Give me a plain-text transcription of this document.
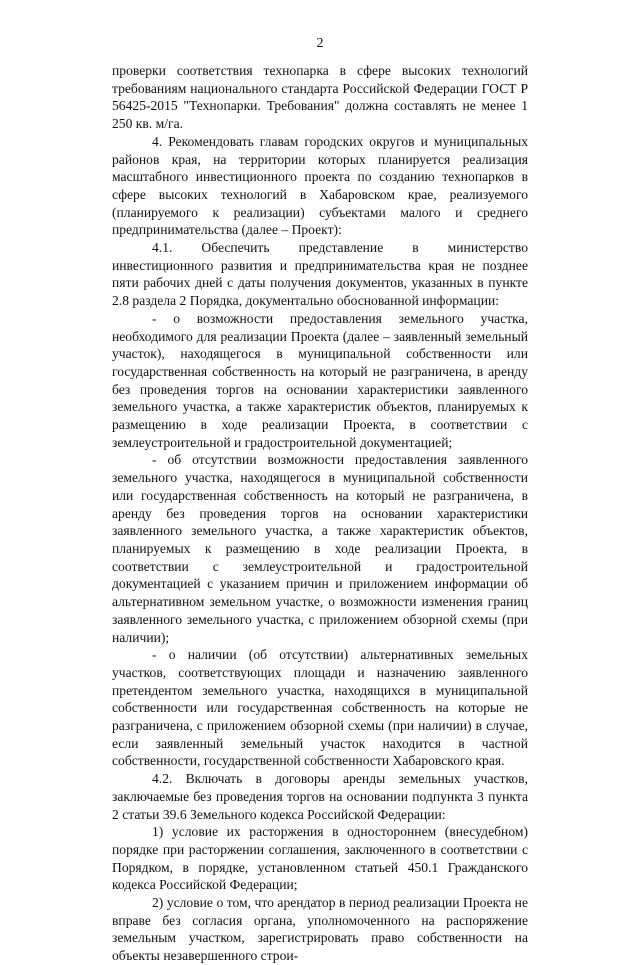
2

проверки соответствия технопарка в сфере высоких технологий требованиям национального стандарта Российской Федерации ГОСТ Р 56425-2015 "Технопарки. Требования" должна составлять не менее 1 250 кв. м/га.

4. Рекомендовать главам городских округов и муниципальных районов края, на территории которых планируется реализация масштабного инвестиционного проекта по созданию технопарков в сфере высоких технологий в Хабаровском крае, реализуемого (планируемого к реализации) субъектами малого и среднего предпринимательства (далее – Проект):

4.1. Обеспечить представление в министерство инвестиционного развития и предпринимательства края не позднее пяти рабочих дней с даты получения документов, указанных в пункте 2.8 раздела 2 Порядка, документально обоснованной информации:

- о возможности предоставления земельного участка, необходимого для реализации Проекта (далее – заявленный земельный участок), находящегося в муниципальной собственности или государственная собственность на который не разграничена, в аренду без проведения торгов на основании характеристики заявленного земельного участка, а также характеристик объектов, планируемых к размещению в ходе реализации Проекта, в соответствии с землеустроительной и градостроительной документацией;

- об отсутствии возможности предоставления заявленного земельного участка, находящегося в муниципальной собственности или государственная собственность на который не разграничена, в аренду без проведения торгов на основании характеристики заявленного земельного участка, а также характеристик объектов, планируемых к размещению в ходе реализации Проекта, в соответствии с землеустроительной и градостроительной документацией с указанием причин и приложением информации об альтернативном земельном участке, о возможности изменения границ заявленного земельного участка, с приложением обзорной схемы (при наличии);

- о наличии (об отсутствии) альтернативных земельных участков, соответствующих площади и назначению заявленного претендентом земельного участка, находящихся в муниципальной собственности или государственная собственность на которые не разграничена, с приложением обзорной схемы (при наличии) в случае, если заявленный земельный участок находится в частной собственности, государственной собственности Хабаровского края.

4.2. Включать в договоры аренды земельных участков, заключаемые без проведения торгов на основании подпункта 3 пункта 2 статьи 39.6 Земельного кодекса Российской Федерации:

1) условие их расторжения в одностороннем (внесудебном) порядке при расторжении соглашения, заключенного в соответствии с Порядком, в порядке, установленном статьей 450.1 Гражданского кодекса Российской Федерации;

2) условие о том, что арендатор в период реализации Проекта не вправе без согласия органа, уполномоченного на распоряжение земельным участком, зарегистрировать право собственности на объекты незавершенного строи-
